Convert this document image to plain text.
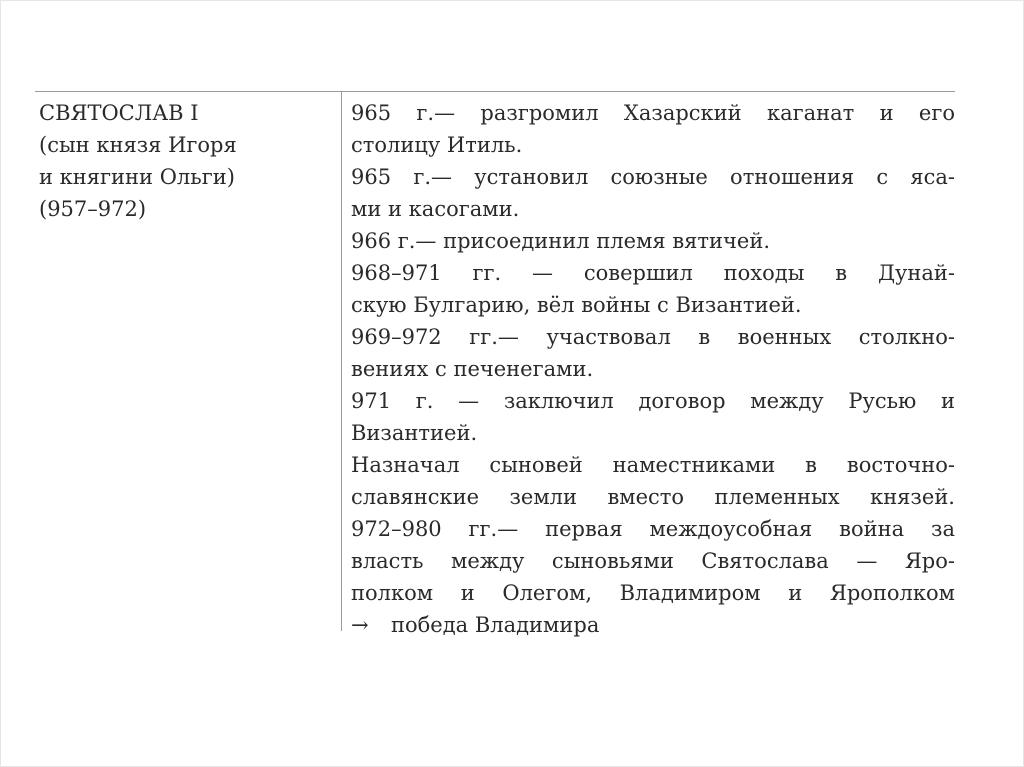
СВЯТОСЛАВ I
(сын князя Игоря
и княгини Ольги)
(957–972)
965 г.— разгромил Хазарский каганат и его
столицу Итиль.
965 г.— установил союзные отношения с яса-
ми и касогами.
966 г.— присоединил племя вятичей.
968–971 гг. — совершил походы в Дунай-
скую Булгарию, вёл войны с Византией.
969–972 гг.— участвовал в военных столкно-
вениях с печенегами.
971 г. — заключил договор между Русью и
Византией.
Назначал сыновей наместниками в восточно-
славянские земли вместо племенных князей.
972–980 гг.— первая междоусобная война за
власть между сыновьями Святослава — Яро-
полком и Олегом, Владимиром и Ярополком
→ победа Владимира
